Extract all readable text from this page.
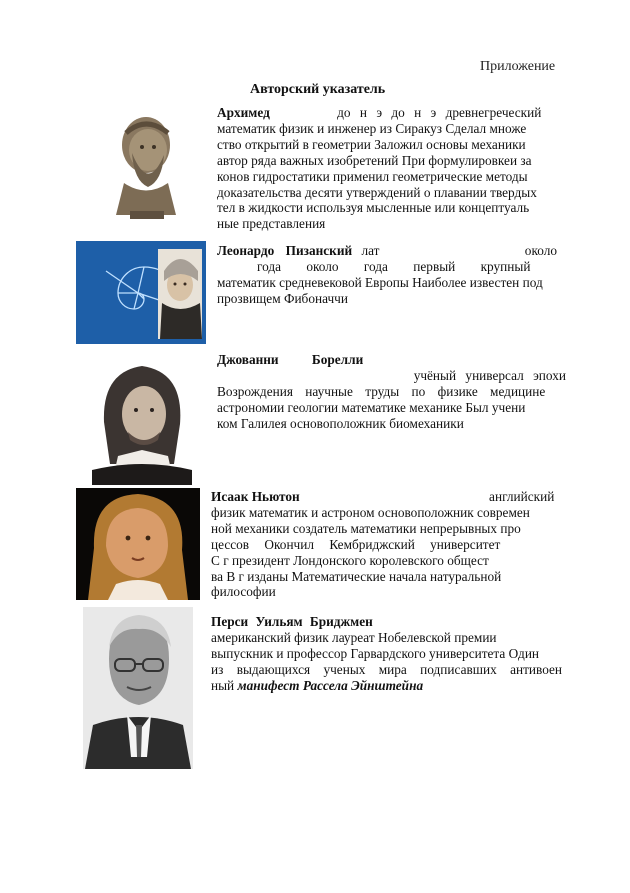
Приложение
Авторский указатель

Архимед	до н э до н э древнегреческий

математик физик и инженер из Сиракуз Сделал множе

ство открытий в геометрии Заложил основы механики

автор ряда важных изобретений При формулировкеи за

конов гидростатики применил геометрические методы

доказательства десяти утверждений о плавании твердых

тел в жидкости используя мысленные или концептуаль

ные представления

Леонардо Пизанский лат около

года около года первый крупный

математик средневековой Европы Наиболее известен под

прозвищем Фибоначчи

Джованни Борелли

учёный универсал эпохи

Возрождения научные труды по физике медицине

астрономии геологии математике механике Был учени

ком Галилея основоположник биомеханики

Исаак Ньютон	английский

физик математик и астроном основоположник современ

ной механики создатель математики непрерывных про

цессов Окончил Кембриджский университет

С г президент Лондонского королевского общест

ва В г изданы Математические начала натуральной

философии

Перси Уильям Бриджмен

американский физик лауреат Нобелевской премии

выпускник и профессор Гарвардского университета Один

из выдающихся ученых мира подписавших антивоен

ный манифест Рассела Эйнштейна
